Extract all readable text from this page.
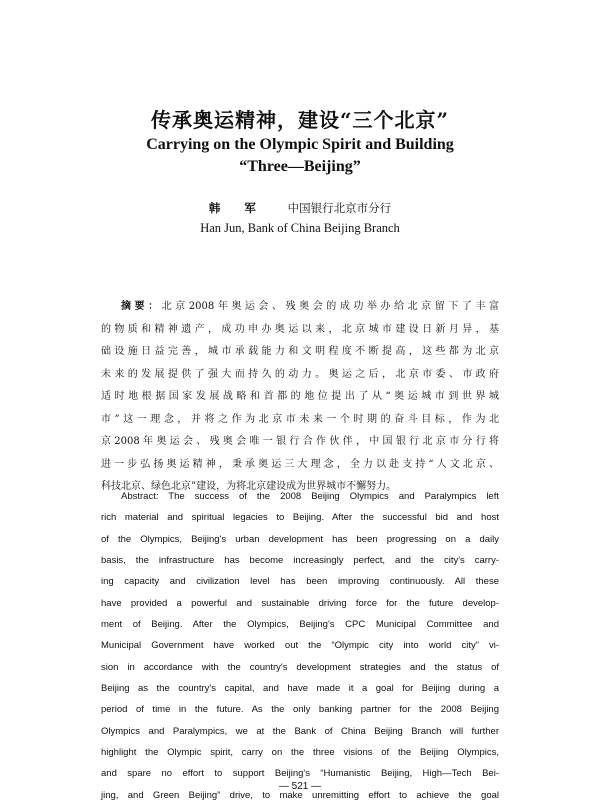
传承奥运精神，建设“三个北京”
Carrying on the Olympic Spirit and Building
“Three—Beijing”
韩 军 中国银行北京市分行
Han Jun, Bank of China Beijing Branch
摘要：北京2008年奥运会、残奥会的成功举办给北京留下了丰富
的物质和精神遗产，成功申办奥运以来，北京城市建设日新月异，基
础设施日益完善，城市承载能力和文明程度不断提高，这些都为北京
未来的发展提供了强大而持久的动力。奥运之后，北京市委、市政府
适时地根据国家发展战略和首都的地位提出了从“奥运城市到世界城
市”这一理念，并将之作为北京市未来一个时期的奋斗目标，作为北
京2008年奥运会、残奥会唯一银行合作伙伴，中国银行北京市分行将
进一步弘扬奥运精神，秉承奥运三大理念，全力以赴支持“人文北京、
科技北京、绿色北京”建设，为将北京建设成为世界城市不懈努力。
Abstract: The success of the 2008 Beijing Olympics and Paralympics left
rich material and spiritual legacies to Beijing. After the successful bid and host
of the Olympics, Beijing's urban development has been progressing on a daily
basis, the infrastructure has become increasingly perfect, and the city's carry-
ing capacity and civilization level has been improving continuously. All these
have provided a powerful and sustainable driving force for the future develop-
ment of Beijing. After the Olympics, Beijing's CPC Municipal Committee and
Municipal Government have worked out the “Olympic city into world city” vi-
sion in accordance with the country's development strategies and the status of
Beijing as the country's capital, and have made it a goal for Beijing during a
period of time in the future. As the only banking partner for the 2008 Beijing
Olympics and Paralympics, we at the Bank of China Beijing Branch will further
highlight the Olympic spirit, carry on the three visions of the Beijing Olympics,
and spare no effort to support Beijing's “Humanistic Beijing, High—Tech Bei-
jing, and Green Beijing” drive, to make unremitting effort to achieve the goal
— 521 —
